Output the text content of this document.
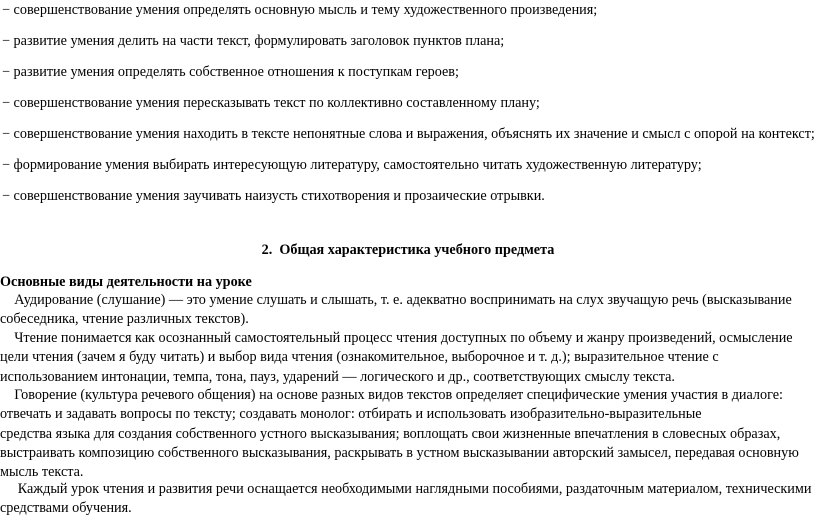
− совершенствование умения определять основную мысль и тему художественного произведения;
− развитие умения делить на части текст, формулировать заголовок пунктов плана;
− развитие умения определять собственное отношения к поступкам героев;
− совершенствование умения пересказывать текст по коллективно составленному плану;
− совершенствование умения находить в тексте непонятные слова и выражения, объяснять их значение и смысл с опорой на контекст;
− формирование умения выбирать интересующую литературу, самостоятельно читать художественную литературу;
− совершенствование умения заучивать наизусть стихотворения и прозаические отрывки.
2. Общая характеристика учебного предмета
Основные виды деятельности на уроке
Аудирование (слушание) — это умение слушать и слышать, т. е. адекватно воспринимать на слух звучащую речь (высказывание
собеседника, чтение различных текстов).
Чтение понимается как осознанный самостоятельный процесс чтения доступных по объему и жанру произведений, осмысление
цели чтения (зачем я буду читать) и выбор вида чтения (ознакомительное, выборочное и т. д.); выразительное чтение с
использованием интонации, темпа, тона, пауз, ударений — логического и др., соответствующих смыслу текста.
Говорение (культура речевого общения) на основе разных видов текстов определяет специфические умения участия в диалоге:
отвечать и задавать вопросы по тексту; создавать монолог: отбирать и использовать изобразительно-выразительные
средства языка для создания собственного устного высказывания; воплощать свои жизненные впечатления в словесных образах,
выстраивать композицию собственного высказывания, раскрывать в устном высказывании авторский замысел, передавая основную
мысль текста.
Каждый урок чтения и развития речи оснащается необходимыми наглядными пособиями, раздаточным материалом, техническими
средствами обучения.
